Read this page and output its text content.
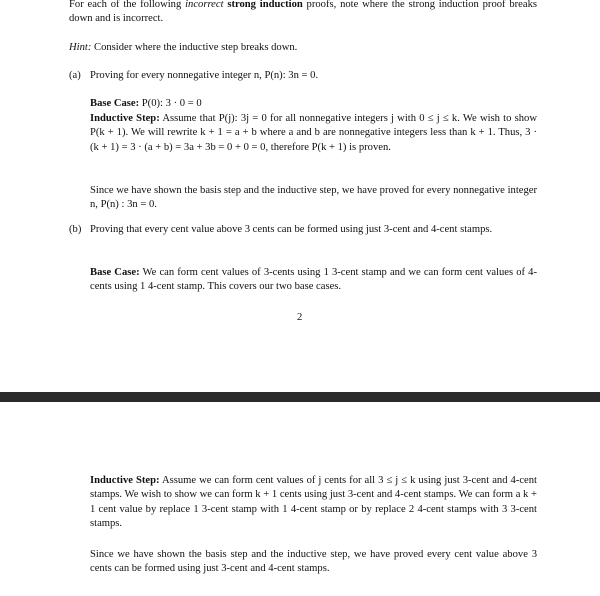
For each of the following incorrect strong induction proofs, note where the strong induction proof breaks down and is incorrect.

Hint: Consider where the inductive step breaks down.

(a) Proving for every nonnegative integer n, P(n): 3n = 0.

Base Case: P(0): 3 · 0 = 0

Inductive Step: Assume that P(j): 3j = 0 for all nonnegative integers j with 0 ≤ j ≤ k. We wish to show P(k + 1). We will rewrite k + 1 = a + b where a and b are nonnegative integers less than k + 1. Thus, 3 · (k + 1) = 3 · (a + b) = 3a + 3b = 0 + 0 = 0, therefore P(k + 1) is proven.

Since we have shown the basis step and the inductive step, we have proved for every nonnegative integer n, P(n) : 3n = 0.

(b) Proving that every cent value above 3 cents can be formed using just 3-cent and 4-cent stamps.

Base Case: We can form cent values of 3-cents using 1 3-cent stamp and we can form cent values of 4-cents using 1 4-cent stamp. This covers our two base cases.

2

Inductive Step: Assume we can form cent values of j cents for all 3 ≤ j ≤ k using just 3-cent and 4-cent stamps. We wish to show we can form k + 1 cents using just 3-cent and 4-cent stamps. We can form a k + 1 cent value by replace 1 3-cent stamp with 1 4-cent stamp or by replace 2 4-cent stamps with 3 3-cent stamps.

Since we have shown the basis step and the inductive step, we have proved every cent value above 3 cents can be formed using just 3-cent and 4-cent stamps.
